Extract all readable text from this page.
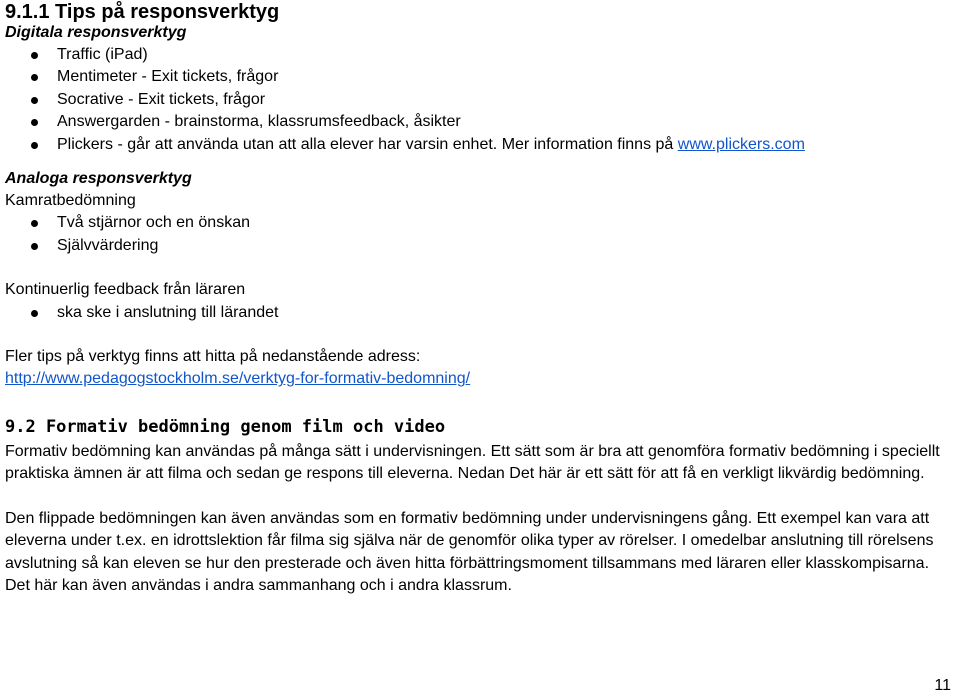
9.1.1 Tips på responsverktyg

Digitala responsverktyg

Traffic (iPad)
Mentimeter - Exit tickets, frågor
Socrative - Exit tickets, frågor
Answergarden - brainstorma, klassrumsfeedback, åsikter
Plickers - går att använda utan att alla elever har varsin enhet. Mer information finns på www.plickers.com

Analoga responsverktyg

Kamratbedömning

Två stjärnor och en önskan
Självvärdering

Kontinuerlig feedback från läraren

ska ske i anslutning till lärandet

Fler tips på verktyg finns att hitta på nedanstående adress:

http://www.pedagogstockholm.se/verktyg-for-formativ-bedomning/

9.2 Formativ bedömning genom film och video

Formativ bedömning kan användas på många sätt i undervisningen. Ett sätt som är bra att genomföra formativ bedömning i speciellt praktiska ämnen är att filma och sedan ge respons till eleverna. Nedan Det här är ett sätt för att få en verkligt likvärdig bedömning.

Den flippade bedömningen kan även användas som en formativ bedömning under undervisningens gång. Ett exempel kan vara att eleverna under t.ex. en idrottslektion får filma sig själva när de genomför olika typer av rörelser. I omedelbar anslutning till rörelsens avslutning så kan eleven se hur den presterade och även hitta förbättringsmoment tillsammans med läraren eller klasskompisarna. Det här kan även användas i andra sammanhang och i andra klassrum.

11
